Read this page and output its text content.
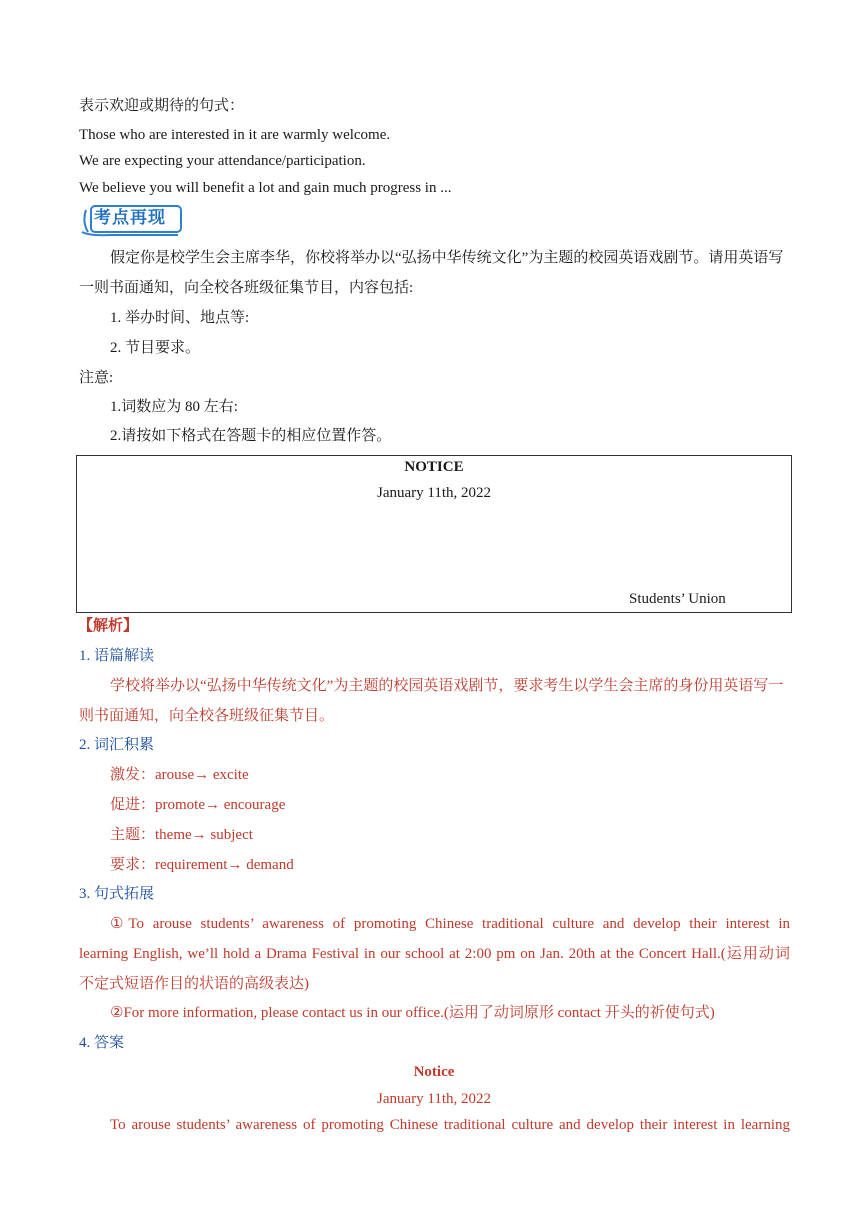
表示欢迎或期待的句式：
Those who are interested in it are warmly welcome.
We are expecting your attendance/participation.
We believe you will benefit a lot and gain much progress in ...
考点再现
假定你是校学生会主席李华，你校将举办以“弘扬中华传统文化”为主题的校园英语戏剧节。请用英语写
一则书面通知，向全校各班级征集节目，内容包括:
1. 举办时间、地点等:
2. 节目要求。
注意:
1.词数应为 80 左右:
2.请按如下格式在答题卡的相应位置作答。
NOTICE
January 11th, 2022
Students’ Union
【解析】
1. 语篇解读
学校将举办以“弘扬中华传统文化”为主题的校园英语戏剧节，要求考生以学生会主席的身份用英语写一
则书面通知，向全校各班级征集节目。
2. 词汇积累
激发：arouse→ excite
促进：promote→ encourage
主题：theme→ subject
要求：requirement→ demand
3. 句式拓展
①To arouse students’ awareness of promoting Chinese traditional culture and develop their interest in
learning English, we’ll hold a Drama Festival in our school at 2:00 pm on Jan. 20th at the Concert Hall.(运用动词
不定式短语作目的状语的高级表达)
②For more information, please contact us in our office.(运用了动词原形 contact 开头的祈使句式)
4. 答案
Notice
January 11th, 2022
To arouse students’ awareness of promoting Chinese traditional culture and develop their interest in learning
